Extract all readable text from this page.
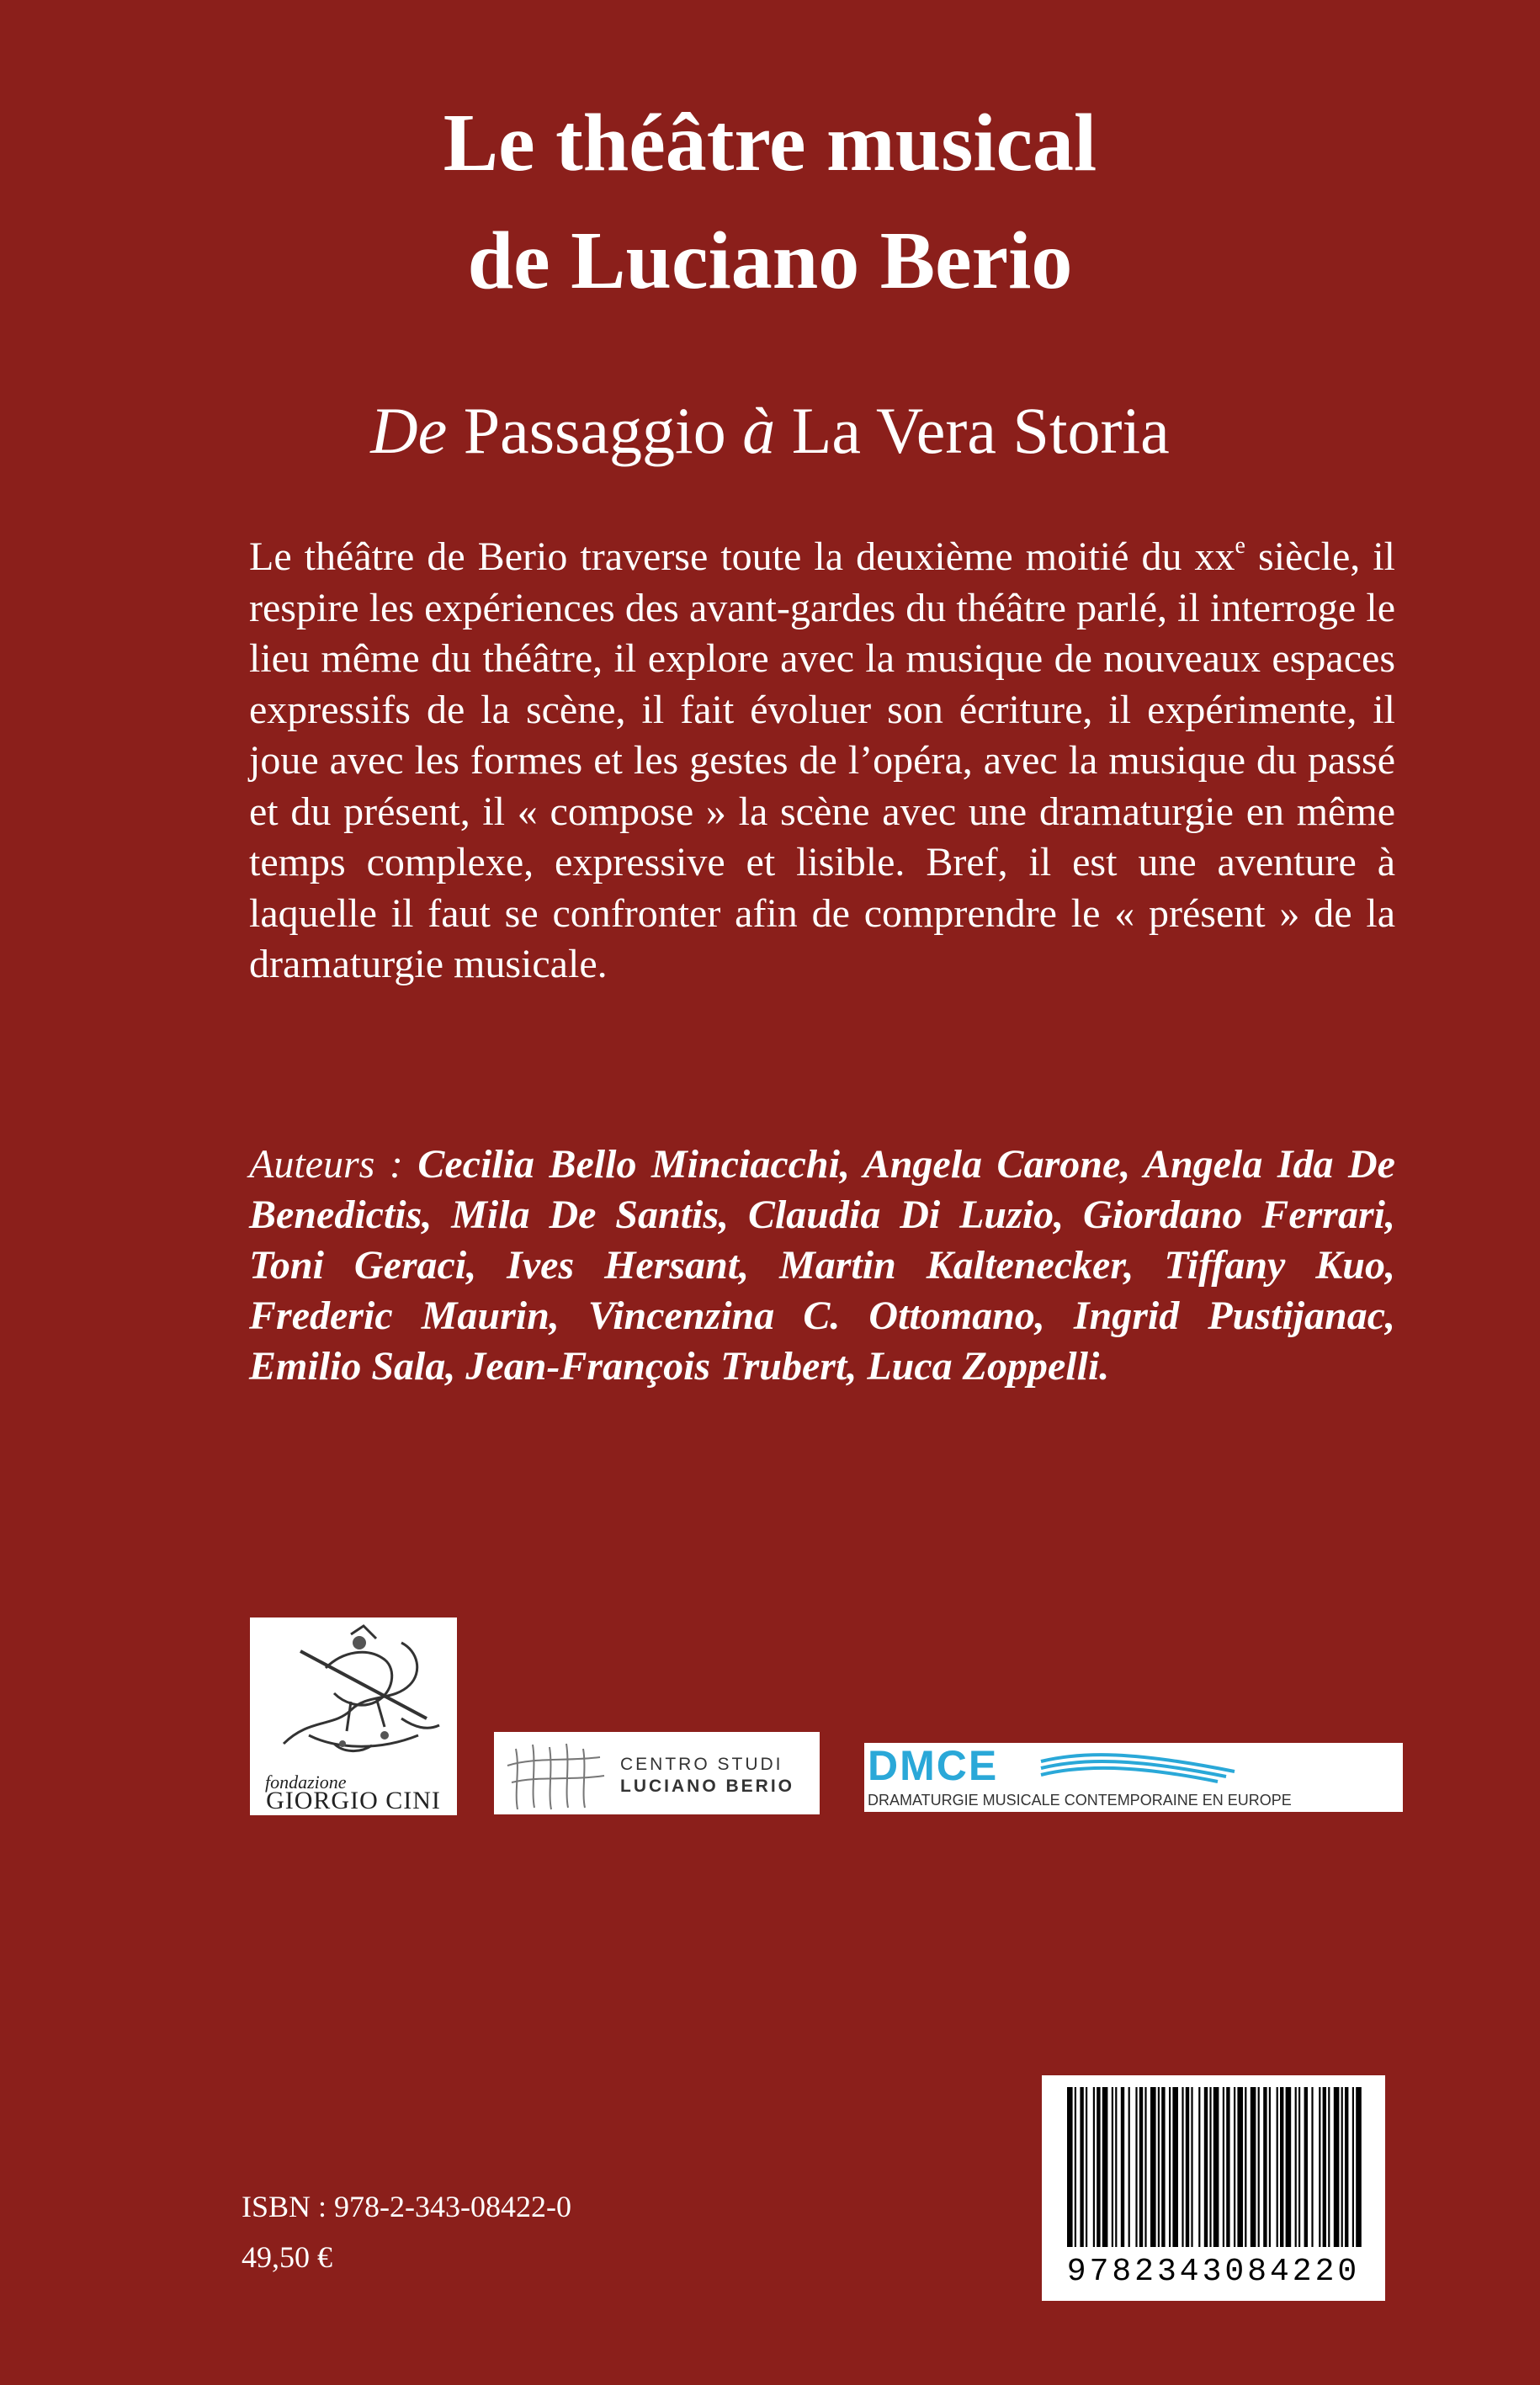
Le théâtre musical
de Luciano Berio
De Passaggio à La Vera Storia

Le théâtre de Berio traverse toute la deuxième moitié du $xx^e$ siècle, il respire les expériences des avant-gardes du théâtre parlé, il interroge le lieu même du théâtre, il explore avec la musique de nouveaux espaces expressifs de la scène, il fait évoluer son écriture, il expérimente, il joue avec les formes et les gestes de l’opéra, avec la musique du passé et du présent, il « compose » la scène avec une dramaturgie en même temps complexe, expressive et lisible. Bref, il est une aventure à laquelle il faut se confronter afin de comprendre le « présent » de la dramaturgie musicale.

Auteurs : Cecilia Bello Minciacchi, Angela Carone, Angela Ida De Benedictis, Mila De Santis, Claudia Di Luzio, Giordano Ferrari, Toni Geraci, Ives Hersant, Martin Kaltenecker, Tiffany Kuo, Frederic Maurin, Vincenzina C. Ottomano, Ingrid Pustijanac, Emilio Sala, Jean-François Trubert, Luca Zoppelli.

fondazione
GIORGIO CINI
CENTRO STUDI
LUCIANO BERIO	DMCE
DRAMATURGIE MUSICALE CONTEMPORAINE EN EUROPE
9782343084220
ISBN : 978-2-343-08422-0
49,50 €
